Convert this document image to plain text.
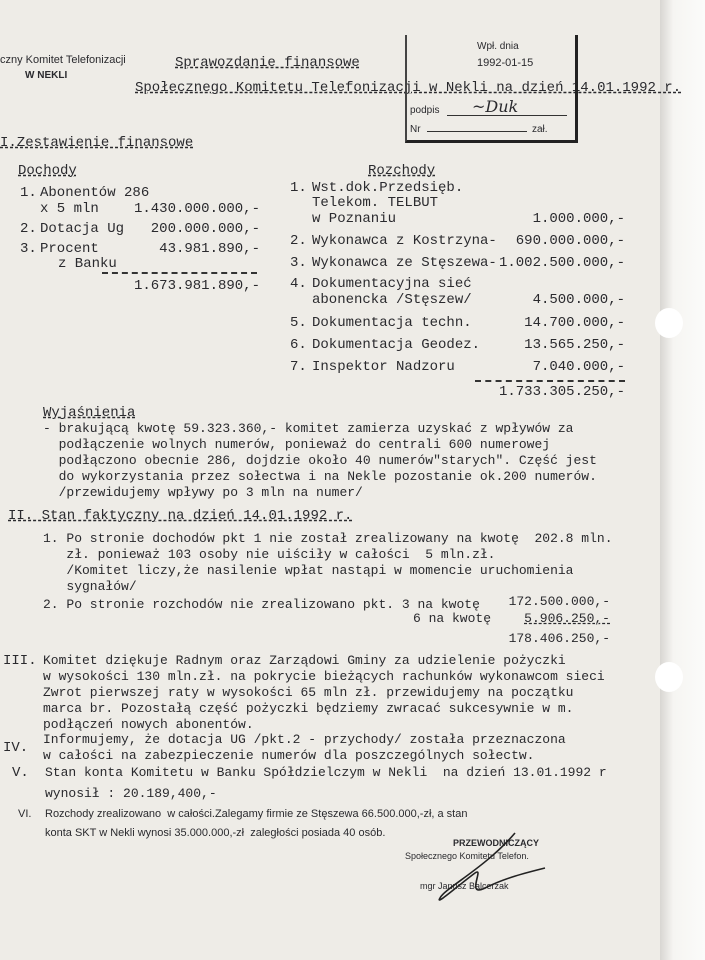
czny Komitet Telefonizacji
W NEKLI
Sprawozdanie finansowe
Społecznego Komitetu Telefonizacji w Nekli na dzień 14.01.1992 r.
Wpł. dnia
1992-01-15
podpis ~Duk
Nr	zał.
I.Zestawienie finansowe
Dochody	Rozchody
1. Abonentów 286
x 5 mln	1.430.000.000,-
2. Dotacja Ug	200.000.000,-
3. Procent
z Banku
43.981.890,-
1.673.981.890,-
1. Wst.dok.Przedsięb.
Telekom. TELBUT
w Poznaniu	1.000.000,-
2. Wykonawca z Kostrzyna-	690.000.000,-
3. Wykonawca ze Stęszewa- 1.002.500.000,-
4. Dokumentacyjna sieć
abonencka /Stęszew/	4.500.000,-
5. Dokumentacja techn.	14.700.000,-
6. Dokumentacja Geodez.	13.565.250,-
7. Inspektor Nadzoru	7.040.000,-
1.733.305.250,-
Wyjaśnienia
- brakującą kwotę 59.323.360,- komitet zamierza uzyskać z wpływów za
podłączenie wolnych numerów, ponieważ do centrali 600 numerowej
podłączono obecnie 286, dojdzie około 40 numerów"starych". Część jest
do wykorzystania przez sołectwa i na Nekle pozostanie ok.200 numerów.
/przewidujemy wpływy po 3 mln na numer/
II. Stan faktyczny na dzień 14.01.1992 r.
1. Po stronie dochodów pkt 1 nie został zrealizowany na kwotę  202.8 mln.
zł. ponieważ 103 osoby nie uiściły w całości  5 mln.zł.
/Komitet liczy,że nasilenie wpłat nastąpi w momencie uruchomienia
sygnałów/
2. Po stronie rozchodów nie zrealizowano pkt. 3 na kwotę	172.500.000,-
6 na kwotę	5.906.250,-
178.406.250,-
III. Komitet dziękuje Radnym oraz Zarządowi Gminy za udzielenie pożyczki
w wysokości 130 mln.zł. na pokrycie bieżących rachunków wykonawcom sieci
Zwrot pierwszej raty w wysokości 65 mln zł. przewidujemy na początku
marca br. Pozostałą część pożyczki będziemy zwracać sukcesywnie w m.
podłączeń nowych abonentów.
IV.
Informujemy, że dotacja UG /pkt.2 - przychody/ została przeznaczona
w całości na zabezpieczenie numerów dla poszczególnych sołectw.
V. Stan konta Komitetu w Banku Spółdzielczym w Nekli  na dzień 13.01.1992 r
wynosił : 20.189,400,-
VI. Rozchody zrealizowano  w całości.Zalegamy firmie ze Stęszewa 66.500.000,-zł, a stan
konta SKT w Nekli wynosi 35.000.000,-zł  zaległości posiada 40 osób.
PRZEWODNICZĄCY
Społecznego Komitetu Telefon.
mgr Janusz Balcerzak
